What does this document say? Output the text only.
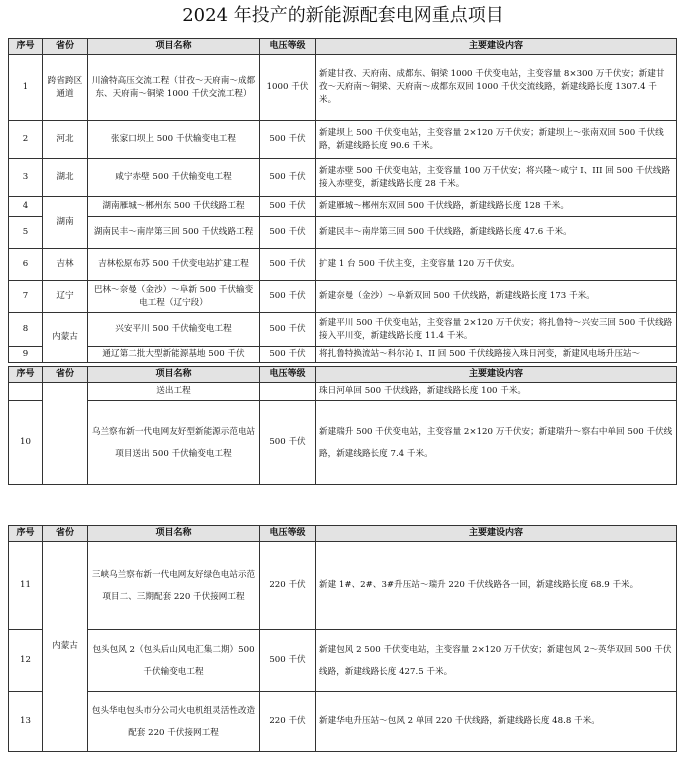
2024 年投产的新能源配套电网重点项目
序号	省份	项目名称	电压等级	主要建设内容
1	跨省跨区通道	川渝特高压交流工程（甘孜～天府南～成都东、天府南～铜梁 1000 千伏交流工程）	1000 千伏	新建甘孜、天府南、成都东、铜梁 1000 千伏变电站，主变容量 8×300 万千伏安；新建甘孜～天府南～铜梁、天府南～成都东双回 1000 千伏交流线路，新建线路长度 1307.4 千米。
2	河北	张家口坝上 500 千伏输变电工程	500 千伏	新建坝上 500 千伏变电站，主变容量 2×120 万千伏安；新建坝上～张南双回 500 千伏线路，新建线路长度 90.6 千米。
3	湖北	咸宁赤壁 500 千伏输变电工程	500 千伏	新建赤壁 500 千伏变电站，主变容量 100 万千伏安；将兴隆～咸宁 I、III 回 500 千伏线路接入赤壁变，新建线路长度 28 千米。
4	湖南	湖南雁城～郴州东 500 千伏线路工程	500 千伏	新建雁城～郴州东双回 500 千伏线路，新建线路长度 128 千米。
5		湖南民丰～南岸第三回 500 千伏线路工程	500 千伏	新建民丰～南岸第三回 500 千伏线路，新建线路长度 47.6 千米。
6	吉林	吉林松原布苏 500 千伏变电站扩建工程	500 千伏	扩建 1 台 500 千伏主变，主变容量 120 万千伏安。
7	辽宁	巴林～奈曼（金沙）～阜新 500 千伏输变电工程（辽宁段）	500 千伏	新建奈曼（金沙）～阜新双回 500 千伏线路，新建线路长度 173 千米。
8	内蒙古	兴安平川 500 千伏输变电工程	500 千伏	新建平川 500 千伏变电站，主变容量 2×120 万千伏安；将扎鲁特～兴安三回 500 千伏线路接入平川变，新建线路长度 11.4 千米。
9		通辽第二批大型新能源基地 500 千伏	500 千伏	将扎鲁特换流站～科尔沁 I、II 回 500 千伏线路接入珠日河变，新建风电场升压站～
序号	省份	项目名称	电压等级	主要建设内容
		送出工程		珠日河单回 500 千伏线路，新建线路长度 100 千米。
10		乌兰察布新一代电网友好型新能源示范电站项目送出 500 千伏输变电工程	500 千伏	新建瑞升 500 千伏变电站，主变容量 2×120 万千伏安；新建瑞升～察右中单回 500 千伏线路，新建线路长度 7.4 千米。
序号	省份	项目名称	电压等级	主要建设内容
11	内蒙古	三峡乌兰察布新一代电网友好绿色电站示范项目二、三期配套 220 千伏接网工程	220 千伏	新建 1#、2#、3#升压站～瑞升 220 千伏线路各一回，新建线路长度 68.9 千米。
12		包头包风 2（包头后山风电汇集二期）500 千伏输变电工程	500 千伏	新建包风 2 500 千伏变电站，主变容量 2×120 万千伏安；新建包风 2～英华双回 500 千伏线路，新建线路长度 427.5 千米。
13		包头华电包头市分公司火电机组灵活性改造配套 220 千伏接网工程	220 千伏	新建华电升压站～包风 2 单回 220 千伏线路，新建线路长度 48.8 千米。
